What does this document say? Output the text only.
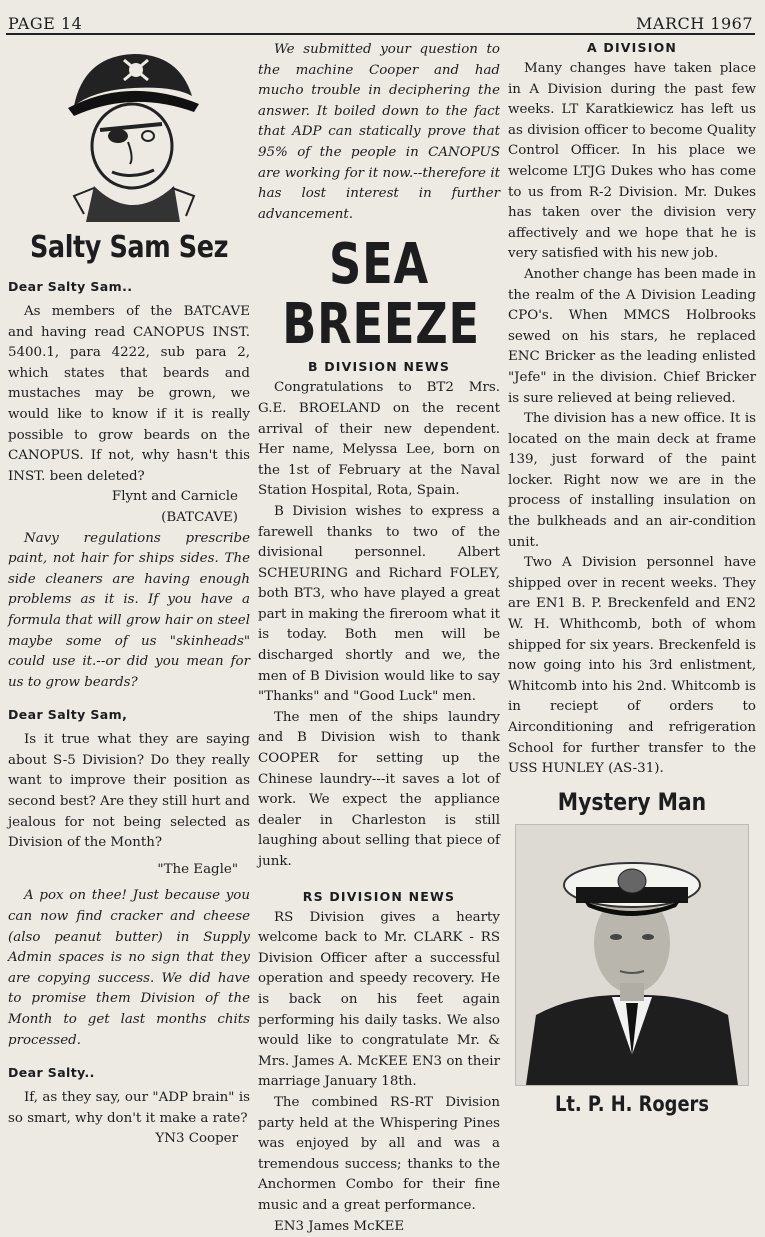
PAGE 14	MARCH 1967
Salty Sam Sez
Dear Salty Sam..

As members of the BATCAVE and having read CANOPUS INST. 5400.1, para 4222, sub para 2, which states that beards and mustaches may be grown, we would like to know if it is really possible to grow beards on the CANOPUS. If not, why hasn't this INST. been deleted?

Flynt and Carnicle

(BATCAVE)

Navy regulations prescribe paint, not hair for ships sides. The side cleaners are having enough problems as it is. If you have a formula that will grow hair on steel maybe some of us "skinheads" could use it.--or did you mean for us to grow beards?

Dear Salty Sam,

Is it true what they are saying about S-5 Division? Do they really want to improve their position as second best? Are they still hurt and jealous for not being selected as Division of the Month?

"The Eagle"

A pox on thee! Just because you can now find cracker and cheese (also peanut butter) in Supply Admin spaces is no sign that they are copying success. We did have to promise them Division of the Month to get last months chits processed.

Dear Salty..

If, as they say, our "ADP brain" is so smart, why don't it make a rate?

YN3 Cooper

We submitted your question to the machine Cooper and had mucho trouble in deciphering the answer. It boiled down to the fact that ADP can statically prove that 95% of the people in CANOPUS are working for it now.--therefore it has lost interest in further advancement.

SEA BREEZE
B DIVISION NEWS

Congratulations to BT2 Mrs. G.E. BROELAND on the recent arrival of their new dependent. Her name, Melyssa Lee, born on the 1st of February at the Naval Station Hospital, Rota, Spain.

B Division wishes to express a farewell thanks to two of the divisional personnel. Albert SCHEURING and Richard FOLEY, both BT3, who have played a great part in making the fireroom what it is today. Both men will be discharged shortly and we, the men of B Division would like to say "Thanks" and "Good Luck" men.

The men of the ships laundry and B Division wish to thank COOPER for setting up the Chinese laundry---it saves a lot of work. We expect the appliance dealer in Charleston is still laughing about selling that piece of junk.

RS DIVISION NEWS

RS Division gives a hearty welcome back to Mr. CLARK - RS Division Officer after a successful operation and speedy recovery. He is back on his feet again performing his daily tasks. We also would like to congratulate Mr. & Mrs. James A. McKEE EN3 on their marriage January 18th.

The combined RS-RT Division party held at the Whispering Pines was enjoyed by all and was a tremendous success; thanks to the Anchormen Combo for their fine music and a great performance.

EN3 James McKEE

A DIVISION

Many changes have taken place in A Division during the past few weeks. LT Karatkiewicz has left us as division officer to become Quality Control Officer. In his place we welcome LTJG Dukes who has come to us from R-2 Division. Mr. Dukes has taken over the division very affectively and we hope that he is very satisfied with his new job.

Another change has been made in the realm of the A Division Leading CPO's. When MMCS Holbrooks sewed on his stars, he replaced ENC Bricker as the leading enlisted "Jefe" in the division. Chief Bricker is sure relieved at being relieved.

The division has a new office. It is located on the main deck at frame 139, just forward of the paint locker. Right now we are in the process of installing insulation on the bulkheads and an air-condition unit.

Two A Division personnel have shipped over in recent weeks. They are EN1 B. P. Breckenfeld and EN2 W. H. Whithcomb, both of whom shipped for six years. Breckenfeld is now going into his 3rd enlistment, Whitcomb into his 2nd. Whitcomb is in reciept of orders to Airconditioning and refrigeration School for further transfer to the USS HUNLEY (AS-31).

Mystery Man
Lt. P. H. Rogers
